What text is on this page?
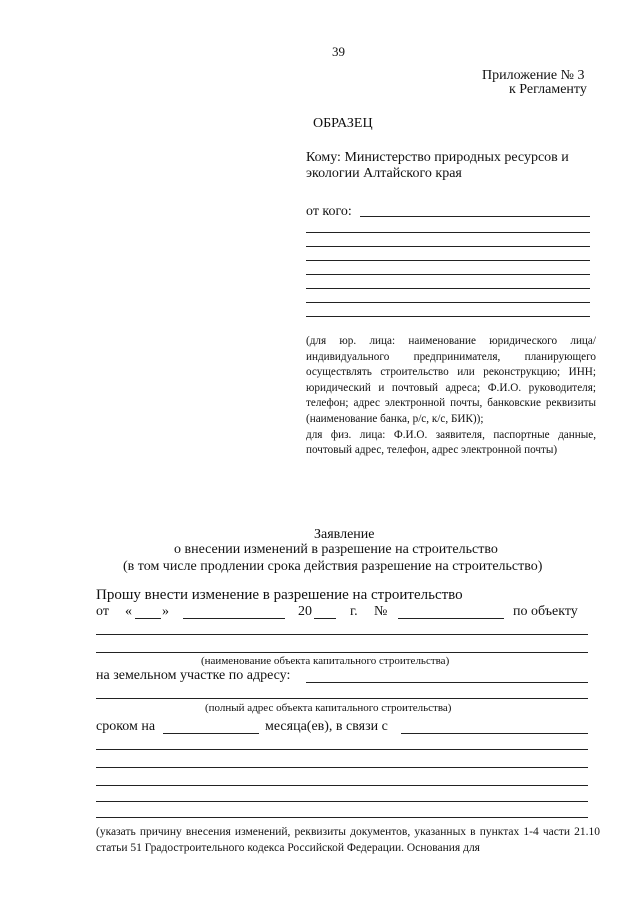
39
Приложение № 3
к Регламенту
ОБРАЗЕЦ
Кому: Министерство природных ресурсов и
экологии Алтайского края
от кого:

(для юр. лица: наименование юридического лица/ индивидуального предпринимателя, планирующего осуществлять строительство или реконструкцию; ИНН; юридический и почтовый адреса; Ф.И.О. руководителя; телефон; адрес электронной почты, банковские реквизиты (наименование банка, р/с, к/с, БИК));

для физ. лица: Ф.И.О. заявителя, паспортные данные, почтовый адрес, телефон, адрес электронной почты)

Заявление
о внесении изменений в разрешение на строительство
(в том числе продлении срока действия разрешение на строительство)
Прошу внести изменение в разрешение на строительство
от « »	20	г. №	по объекту
(наименование объекта капитального строительства)
на земельном участке по адресу:
(полный адрес объекта капитального строительства)
сроком на	месяца(ев), в связи с
(указать причину внесения изменений, реквизиты документов, указанных в пунктах 1-4 части 21.10 статьи 51 Градостроительного кодекса Российской Федерации. Основания для
